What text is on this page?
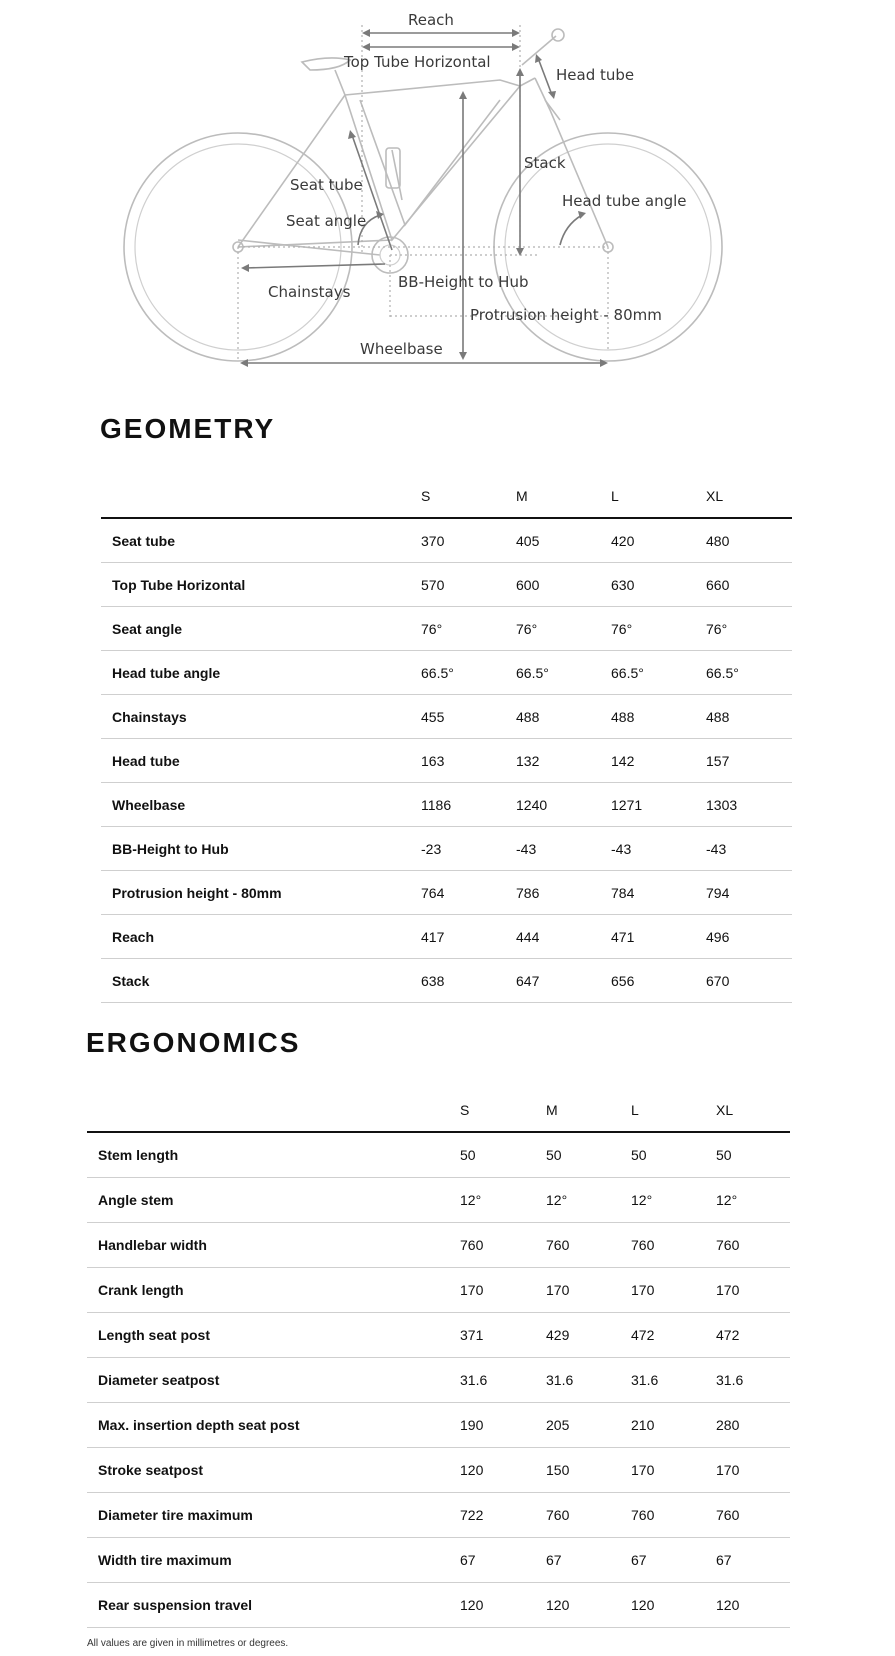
Reach
Top Tube Horizontal
Head tube
Stack
Seat tube
Head tube angle
Seat angle
BB-Height to Hub
Chainstays
Protrusion height - 80mm
Wheelbase
GEOMETRY
	S	M	L	XL
Seat tube	370	405	420	480
Top Tube Horizontal	570	600	630	660
Seat angle	76°	76°	76°	76°
Head tube angle	66.5°	66.5°	66.5°	66.5°
Chainstays	455	488	488	488
Head tube	163	132	142	157
Wheelbase	1186	1240	1271	1303
BB-Height to Hub	-23	-43	-43	-43
Protrusion height - 80mm	764	786	784	794
Reach	417	444	471	496
Stack	638	647	656	670
ERGONOMICS
	S	M	L	XL
Stem length	50	50	50	50
Angle stem	12°	12°	12°	12°
Handlebar width	760	760	760	760
Crank length	170	170	170	170
Length seat post	371	429	472	472
Diameter seatpost	31.6	31.6	31.6	31.6
Max. insertion depth seat post	190	205	210	280
Stroke seatpost	120	150	170	170
Diameter tire maximum	722	760	760	760
Width tire maximum	67	67	67	67
Rear suspension travel	120	120	120	120
All values are given in millimetres or degrees.
